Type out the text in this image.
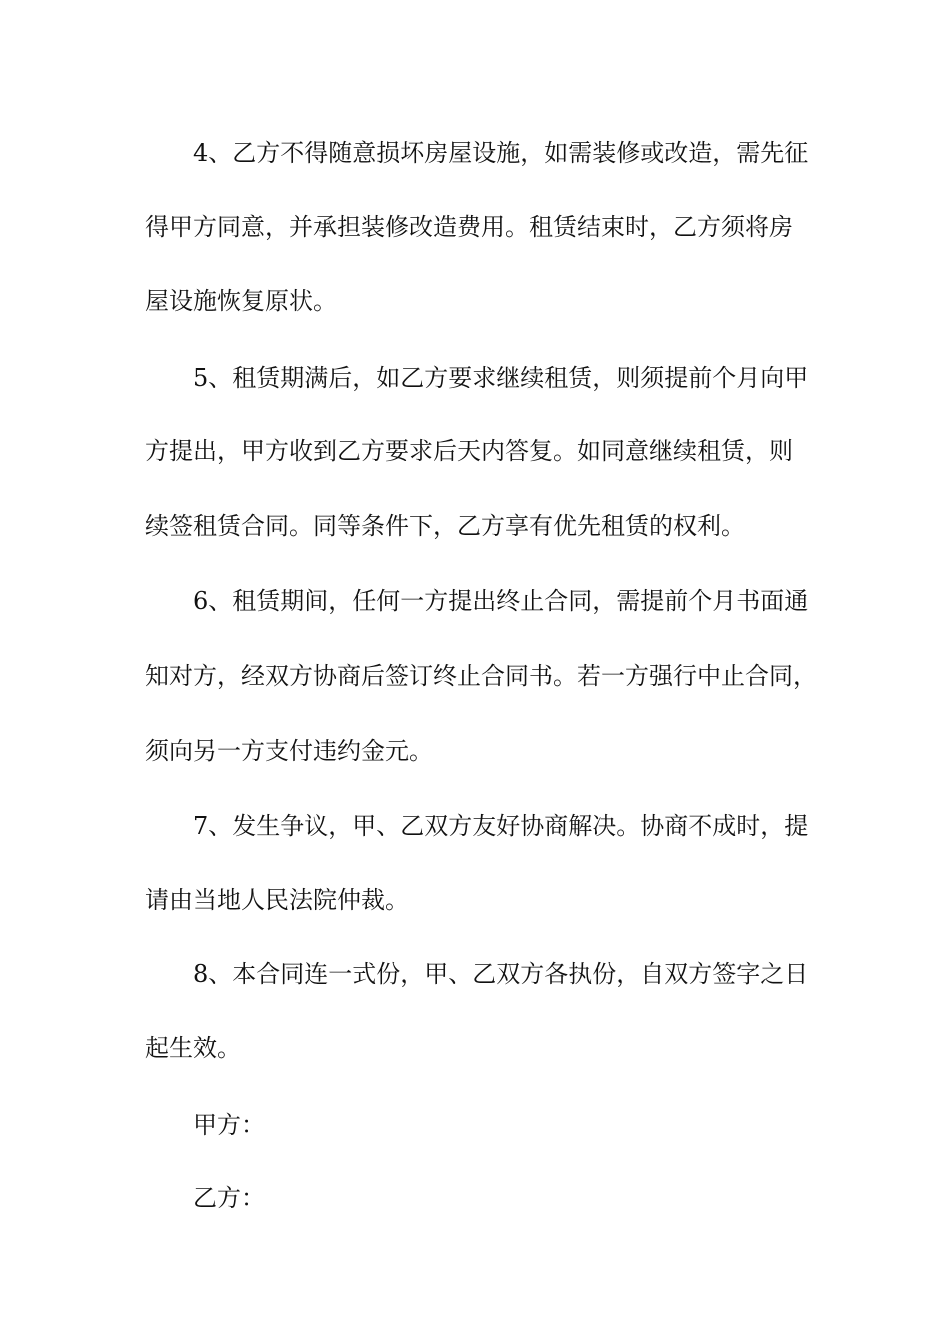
4、乙方不得随意损坏房屋设施，如需装修或改造，需先征
得甲方同意，并承担装修改造费用。租赁结束时，乙方须将房
屋设施恢复原状。
5、租赁期满后，如乙方要求继续租赁，则须提前个月向甲
方提出，甲方收到乙方要求后天内答复。如同意继续租赁，则
续签租赁合同。同等条件下，乙方享有优先租赁的权利。
6、租赁期间，任何一方提出终止合同，需提前个月书面通
知对方，经双方协商后签订终止合同书。若一方强行中止合同，
须向另一方支付违约金元。
7、发生争议，甲、乙双方友好协商解决。协商不成时，提
请由当地人民法院仲裁。
8、本合同连一式份，甲、乙双方各执份，自双方签字之日
起生效。
甲方：
乙方：
